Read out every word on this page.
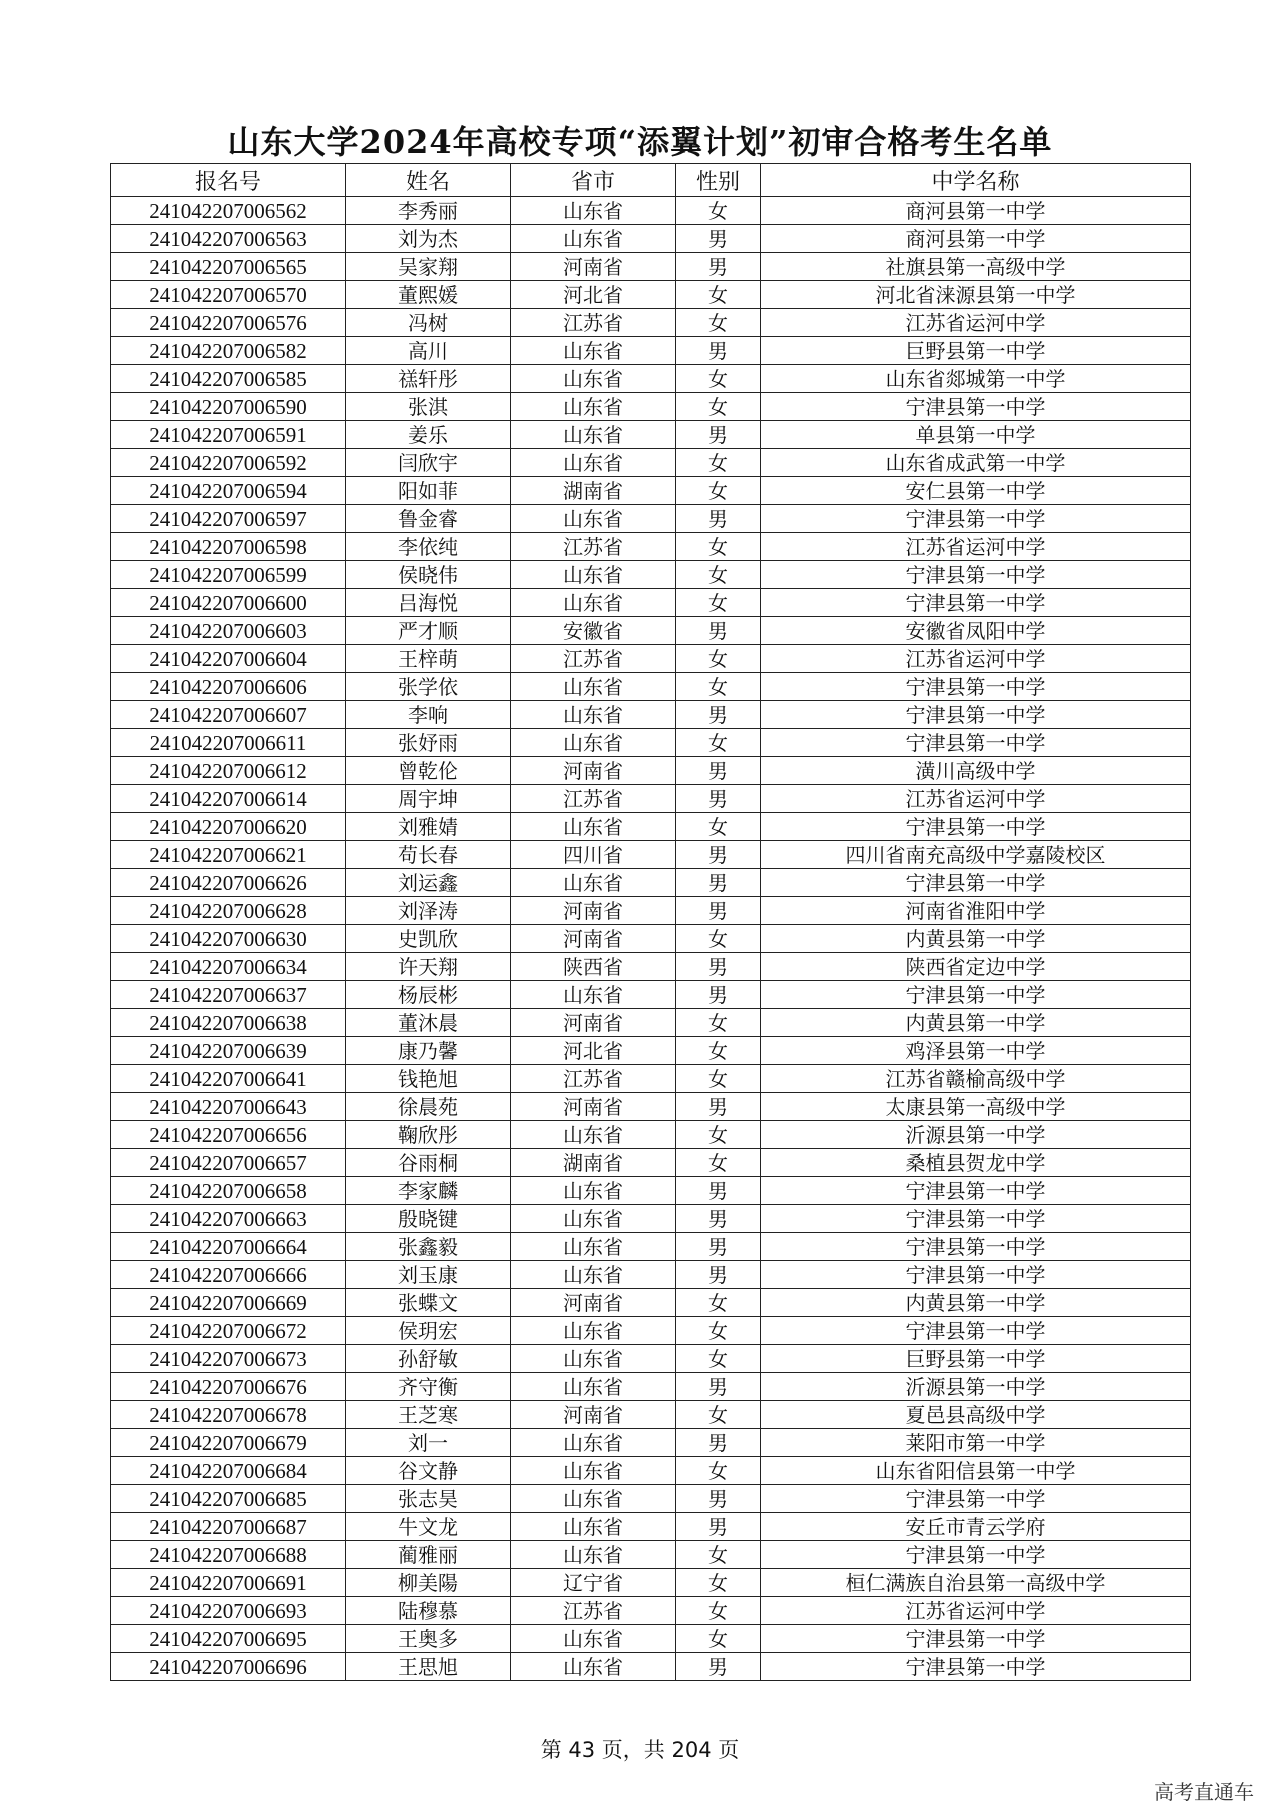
山东大学2024年高校专项“添翼计划”初审合格考生名单
报名号	姓名	省市	性别	中学名称
241042207006562	李秀丽	山东省	女	商河县第一中学
241042207006563	刘为杰	山东省	男	商河县第一中学
241042207006565	吴家翔	河南省	男	社旗县第一高级中学
241042207006570	董熙媛	河北省	女	河北省涞源县第一中学
241042207006576	冯树	江苏省	女	江苏省运河中学
241042207006582	高川	山东省	男	巨野县第一中学
241042207006585	禚轩彤	山东省	女	山东省郯城第一中学
241042207006590	张淇	山东省	女	宁津县第一中学
241042207006591	姜乐	山东省	男	单县第一中学
241042207006592	闫欣宇	山东省	女	山东省成武第一中学
241042207006594	阳如菲	湖南省	女	安仁县第一中学
241042207006597	鲁金睿	山东省	男	宁津县第一中学
241042207006598	李依纯	江苏省	女	江苏省运河中学
241042207006599	侯晓伟	山东省	女	宁津县第一中学
241042207006600	吕海悦	山东省	女	宁津县第一中学
241042207006603	严才顺	安徽省	男	安徽省凤阳中学
241042207006604	王梓萌	江苏省	女	江苏省运河中学
241042207006606	张学依	山东省	女	宁津县第一中学
241042207006607	李响	山东省	男	宁津县第一中学
241042207006611	张妤雨	山东省	女	宁津县第一中学
241042207006612	曾乾伦	河南省	男	潢川高级中学
241042207006614	周宇坤	江苏省	男	江苏省运河中学
241042207006620	刘雅婧	山东省	女	宁津县第一中学
241042207006621	苟长春	四川省	男	四川省南充高级中学嘉陵校区
241042207006626	刘运鑫	山东省	男	宁津县第一中学
241042207006628	刘泽涛	河南省	男	河南省淮阳中学
241042207006630	史凯欣	河南省	女	内黄县第一中学
241042207006634	许天翔	陕西省	男	陕西省定边中学
241042207006637	杨辰彬	山东省	男	宁津县第一中学
241042207006638	董沐晨	河南省	女	内黄县第一中学
241042207006639	康乃馨	河北省	女	鸡泽县第一中学
241042207006641	钱艳旭	江苏省	女	江苏省赣榆高级中学
241042207006643	徐晨苑	河南省	男	太康县第一高级中学
241042207006656	鞠欣彤	山东省	女	沂源县第一中学
241042207006657	谷雨桐	湖南省	女	桑植县贺龙中学
241042207006658	李家麟	山东省	男	宁津县第一中学
241042207006663	殷晓键	山东省	男	宁津县第一中学
241042207006664	张鑫毅	山东省	男	宁津县第一中学
241042207006666	刘玉康	山东省	男	宁津县第一中学
241042207006669	张蝶文	河南省	女	内黄县第一中学
241042207006672	侯玥宏	山东省	女	宁津县第一中学
241042207006673	孙舒敏	山东省	女	巨野县第一中学
241042207006676	齐守衡	山东省	男	沂源县第一中学
241042207006678	王芝寒	河南省	女	夏邑县高级中学
241042207006679	刘一	山东省	男	莱阳市第一中学
241042207006684	谷文静	山东省	女	山东省阳信县第一中学
241042207006685	张志昊	山东省	男	宁津县第一中学
241042207006687	牛文龙	山东省	男	安丘市青云学府
241042207006688	蔺雅丽	山东省	女	宁津县第一中学
241042207006691	柳美陽	辽宁省	女	桓仁满族自治县第一高级中学
241042207006693	陆穆慕	江苏省	女	江苏省运河中学
241042207006695	王奥多	山东省	女	宁津县第一中学
241042207006696	王思旭	山东省	男	宁津县第一中学
第 43 页，共 204 页
高考直通车
